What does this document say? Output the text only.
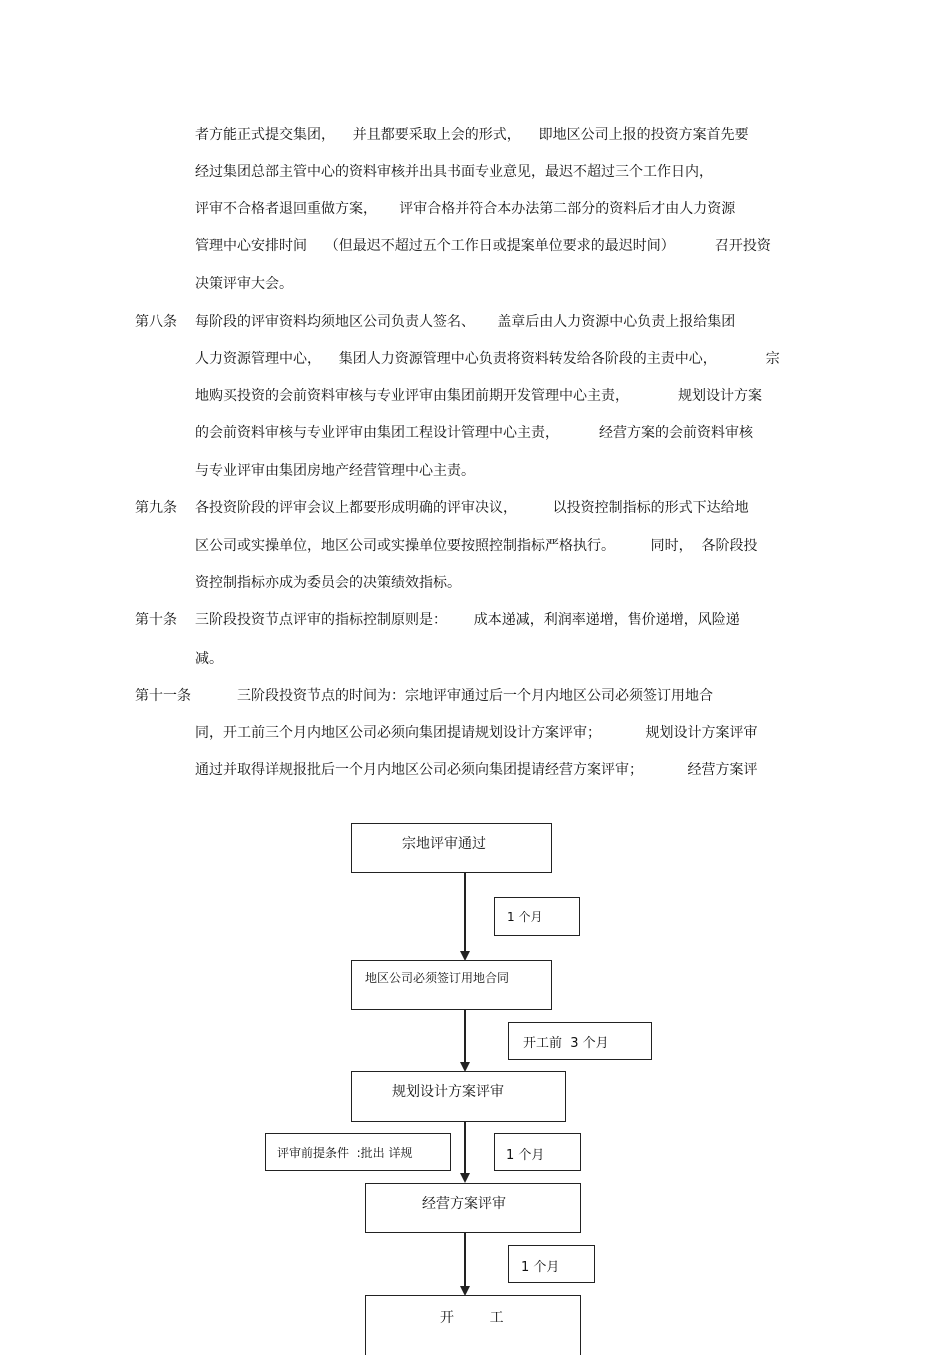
者方能正式提交集团，    并且都要采取上会的形式，    即地区公司上报的投资方案首先要
经过集团总部主管中心的资料审核并出具书面专业意见，最迟不超过三个工作日内，
评审不合格者退回重做方案，     评审合格并符合本办法第二部分的资料后才由人力资源
管理中心安排时间    （但最迟不超过五个工作日或提案单位要求的最迟时间）         召开投资
决策评审大会。
第八条 每阶段的评审资料均须地区公司负责人签名、     盖章后由人力资源中心负责上报给集团
人力资源管理中心，    集团人力资源管理中心负责将资料转发给各阶段的主责中心，           宗
地购买投资的会前资料审核与专业评审由集团前期开发管理中心主责，           规划设计方案
的会前资料审核与专业评审由集团工程设计管理中心主责，         经营方案的会前资料审核
与专业评审由集团房地产经营管理中心主责。
第九条 各投资阶段的评审会议上都要形成明确的评审决议，        以投资控制指标的形式下达给地
区公司或实操单位，地区公司或实操单位要按照控制指标严格执行。        同时，  各阶段投
资控制指标亦成为委员会的决策绩效指标。
第十条 三阶段投资节点评审的指标控制原则是：      成本递减，利润率递增，售价递增，风险递
减。
第十一条	三阶段投资节点的时间为：宗地评审通过后一个月内地区公司必须签订用地合
同，开工前三个月内地区公司必须向集团提请规划设计方案评审；          规划设计方案评审
通过并取得详规报批后一个月内地区公司必须向集团提请经营方案评审；          经营方案评
宗地评审通过
1 个月
地区公司必须签订用地合同
开工前  3 个月
规划设计方案评审
评审前提条件  :批出 详规	1 个月
经营方案评审
1 个月
开        工
